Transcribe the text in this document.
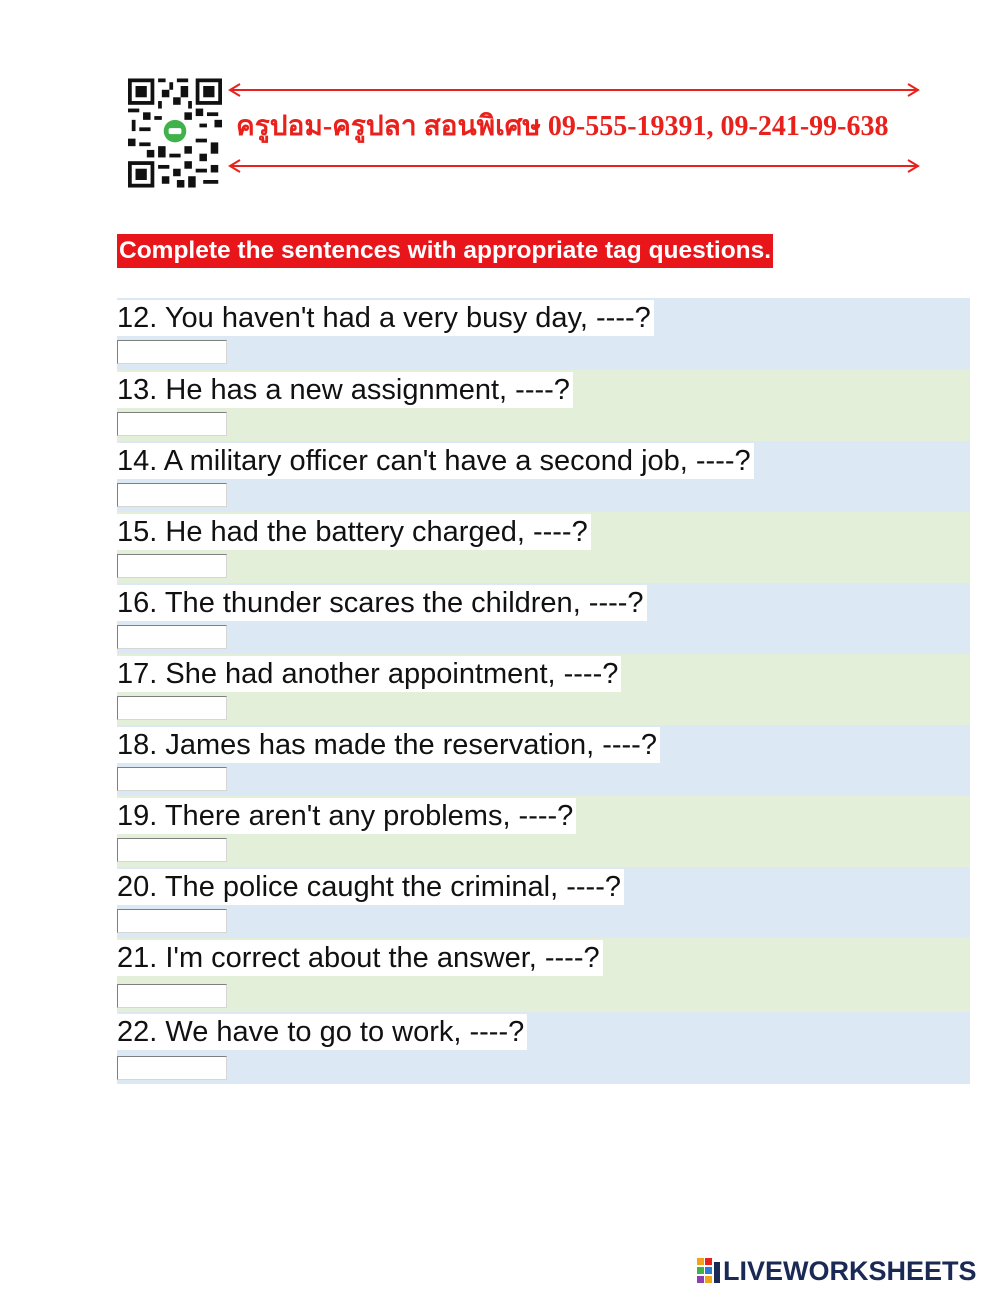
ครูปอม-ครูปลา สอนพิเศษ 09-555-19391, 09-241-99-638
Complete the sentences with appropriate tag questions.
12. You haven't had a very busy day, ----?
13. He has a new assignment, ----?
14. A military officer can't have a second job, ----?
15. He had the battery charged, ----?
16. The thunder scares the children, ----?
17. She had another appointment, ----?
18. James has made the reservation, ----?
19. There aren't any problems, ----?
20. The police caught the criminal, ----?
21. I'm correct about the answer, ----?
22. We have to go to work, ----?
LIVEWORKSHEETS
